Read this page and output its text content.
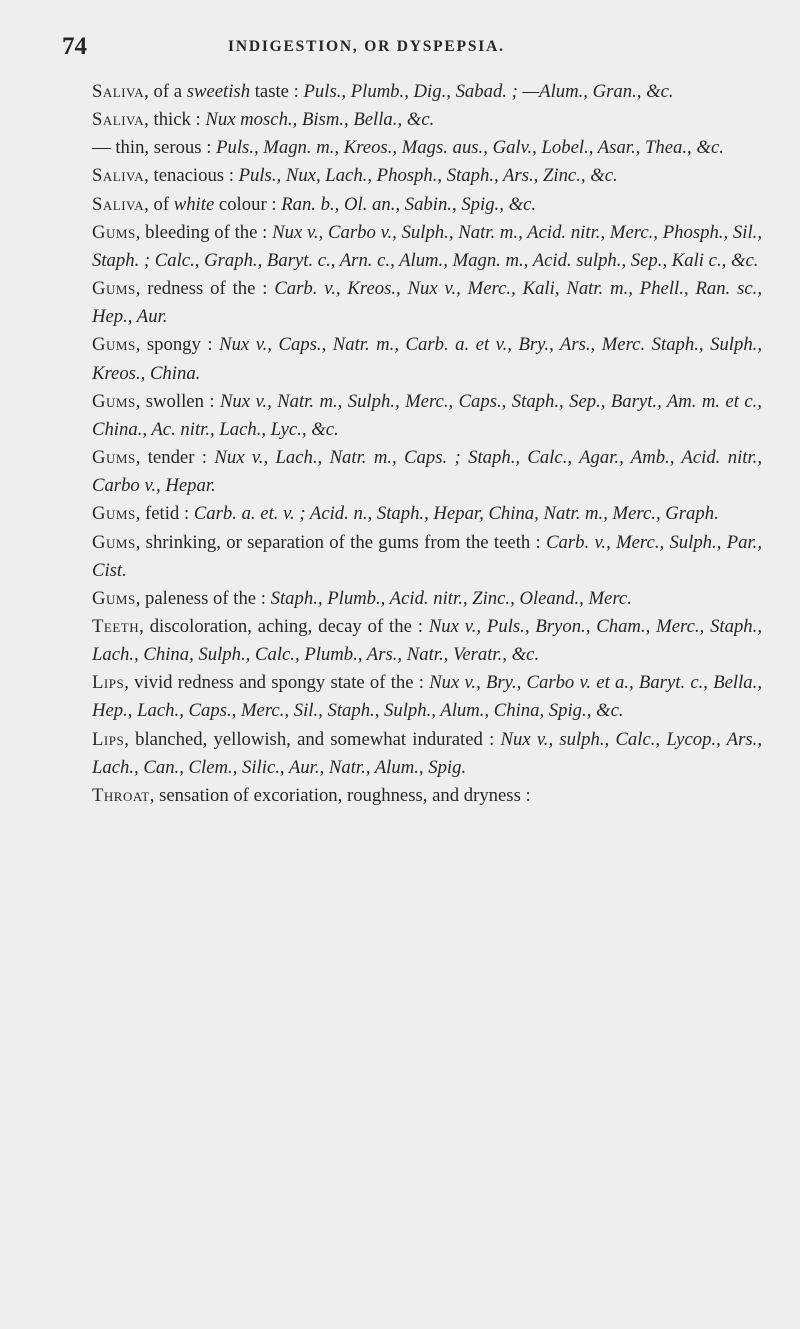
74	INDIGESTION, OR DYSPEPSIA.

Saliva, of a sweetish taste : Puls., Plumb., Dig., Sabad. ; —Alum., Gran., &c.

Saliva, thick : Nux mosch., Bism., Bella., &c.

— thin, serous : Puls., Magn. m., Kreos., Mags. aus., Galv., Lobel., Asar., Thea., &c.

Saliva, tenacious : Puls., Nux, Lach., Phosph., Staph., Ars., Zinc., &c.

Saliva, of white colour : Ran. b., Ol. an., Sabin., Spig., &c.

Gums, bleeding of the : Nux v., Carbo v., Sulph., Natr. m., Acid. nitr., Merc., Phosph., Sil., Staph. ; Calc., Graph., Baryt. c., Arn. c., Alum., Magn. m., Acid. sulph., Sep., Kali c., &c.

Gums, redness of the : Carb. v., Kreos., Nux v., Merc., Kali, Natr. m., Phell., Ran. sc., Hep., Aur.

Gums, spongy : Nux v., Caps., Natr. m., Carb. a. et v., Bry., Ars., Merc. Staph., Sulph., Kreos., China.

Gums, swollen : Nux v., Natr. m., Sulph., Merc., Caps., Staph., Sep., Baryt., Am. m. et c., China., Ac. nitr., Lach., Lyc., &c.

Gums, tender : Nux v., Lach., Natr. m., Caps. ; Staph., Calc., Agar., Amb., Acid. nitr., Carbo v., Hepar.

Gums, fetid : Carb. a. et. v. ; Acid. n., Staph., Hepar, China, Natr. m., Merc., Graph.

Gums, shrinking, or separation of the gums from the teeth : Carb. v., Merc., Sulph., Par., Cist.

Gums, paleness of the : Staph., Plumb., Acid. nitr., Zinc., Oleand., Merc.

Teeth, discoloration, aching, decay of the : Nux v., Puls., Bryon., Cham., Merc., Staph., Lach., China, Sulph., Calc., Plumb., Ars., Natr., Veratr., &c.

Lips, vivid redness and spongy state of the : Nux v., Bry., Carbo v. et a., Baryt. c., Bella., Hep., Lach., Caps., Merc., Sil., Staph., Sulph., Alum., China, Spig., &c.

Lips, blanched, yellowish, and somewhat indurated : Nux v., sulph., Calc., Lycop., Ars., Lach., Can., Clem., Silic., Aur., Natr., Alum., Spig.

Throat, sensation of excoriation, roughness, and dryness :
